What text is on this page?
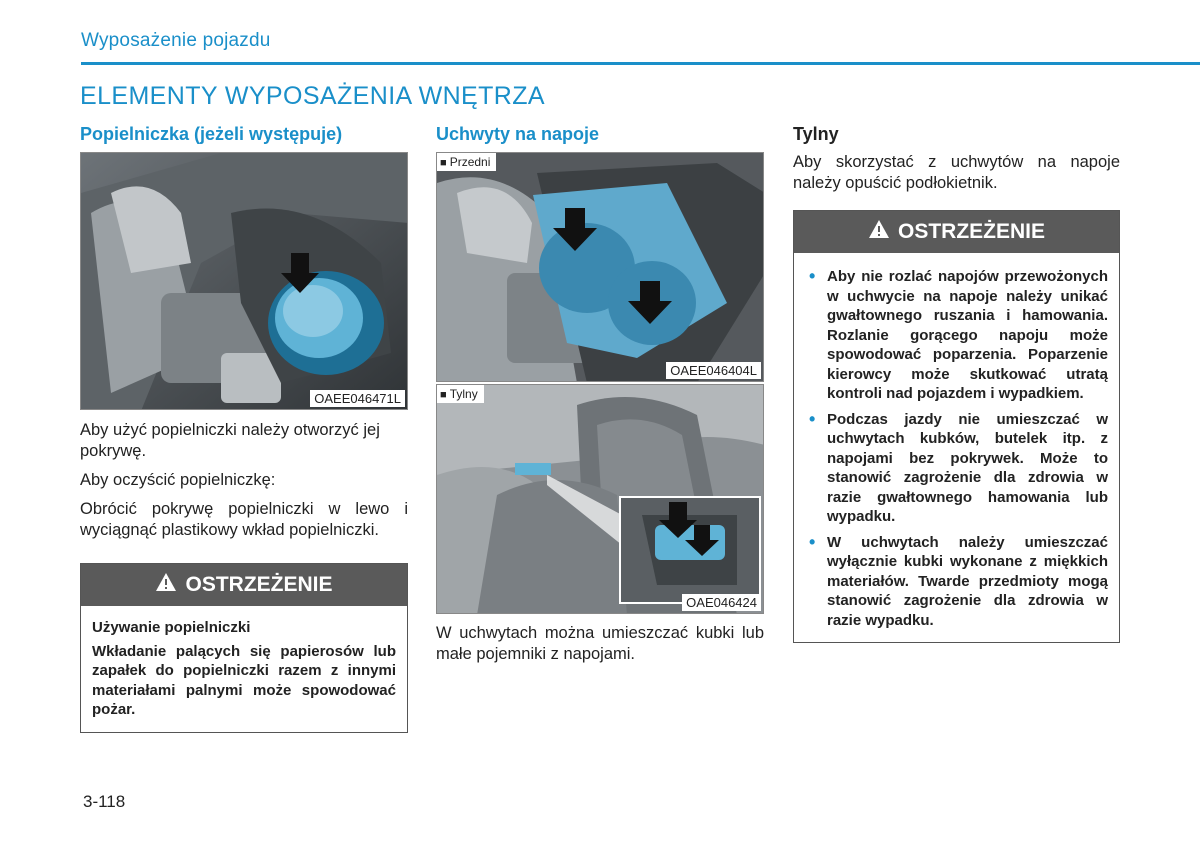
Wyposażenie pojazdu
ELEMENTY WYPOSAŻENIA WNĘTRZA
Popielniczka (jeżeli występuje)
OAEE046471L

Aby użyć popielniczki należy otworzyć jej pokrywę.

Aby oczyścić popielniczkę:

Obrócić pokrywę popielniczki w lewo i wyciągnąć plastikowy wkład popielniczki.

OSTRZEŻENIE

Używanie popielniczki

Wkładanie palących się papierosów lub zapałek do popielniczki razem z innymi materiałami palnymi może spowodować pożar.

Uchwyty na napoje
■ Przedni
OAEE046404L
■ Tylny
OAE046424

W uchwytach można umieszczać kubki lub małe pojemniki z napojami.

Tylny

Aby skorzystać z uchwytów na napoje należy opuścić podłokietnik.

OSTRZEŻENIE
• Aby nie rozlać napojów przewożonych w uchwycie na napoje należy unikać gwałtownego ruszania i hamowania. Rozlanie gorącego napoju może spowodować poparzenia. Poparzenie kierowcy może skutkować utratą kontroli nad pojazdem i wypadkiem.
• Podczas jazdy nie umieszczać w uchwytach kubków, butelek itp. z napojami bez pokrywek. Może to stanowić zagrożenie dla zdrowia w razie gwałtownego hamowania lub wypadku.
• W uchwytach należy umieszczać wyłącznie kubki wykonane z miękkich materiałów. Twarde przedmioty mogą stanowić zagrożenie dla zdrowia w razie wypadku.
3-118
